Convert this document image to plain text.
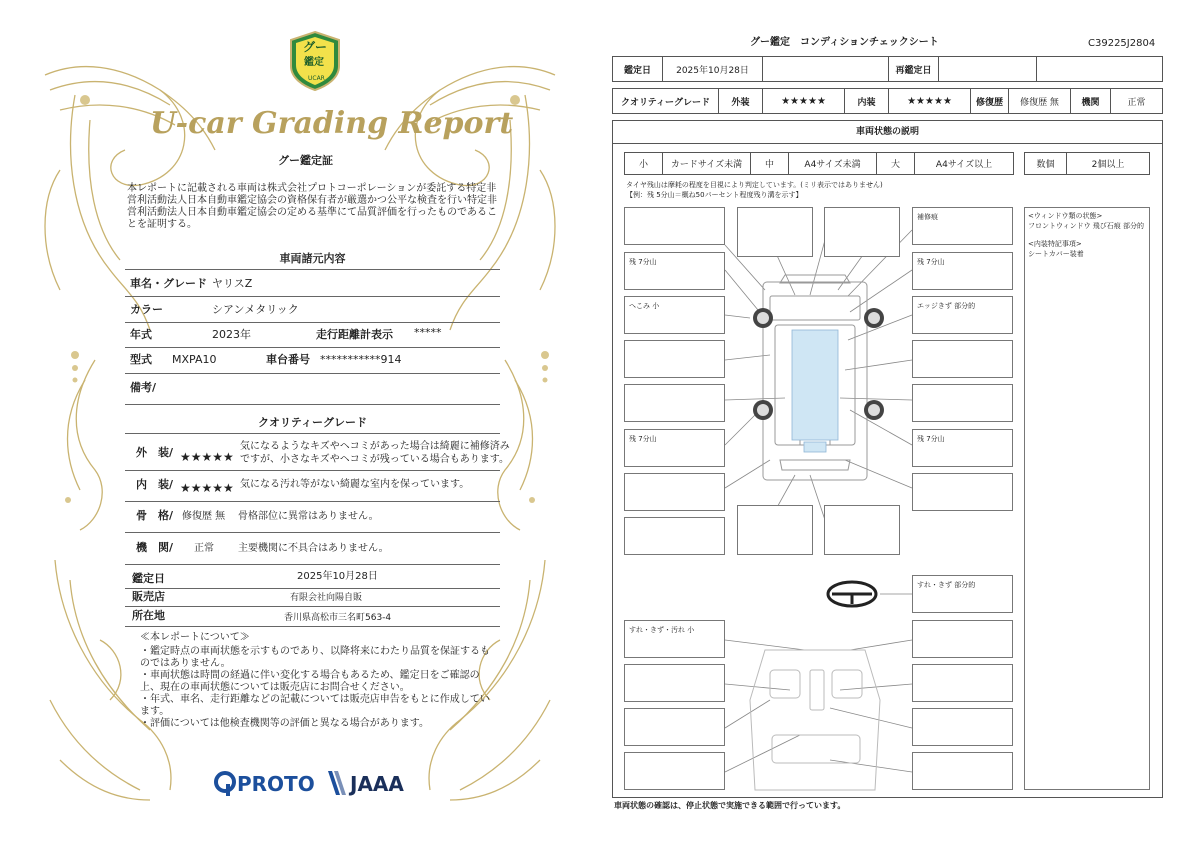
グー
鑑定
UCAR
U-car Grading Report
グー鑑定証
本レポートに記載される車両は株式会社プロトコーポレーションが委託する特定非営利活動法人日本自動車鑑定協会の資格保有者が厳選かつ公平な検査を行い特定非営利活動法人日本自動車鑑定協会の定める基準にて品質評価を行ったものであることを証明する。
車両諸元内容
車名・グレード ヤリスZ
カラー	シアンメタリック
年式	2023年	走行距離計表示 *****
型式 MXPA10	車台番号 ***********914
備考/
クオリティーグレード
外　装/ ★★★★★
気になるようなキズやヘコミがあった場合は綺麗に補修済み
ですが、小さなキズやヘコミが残っている場合もあります。
内　装/ ★★★★★ 気になる汚れ等がない綺麗な室内を保っています。
骨　格/ 修復歴 無 骨格部位に異常はありません。
機　関/ 正常 主要機関に不具合はありません。
鑑定日	2025年10月28日
販売店	有限会社向陽自販
所在地	香川県高松市三名町563-4
≪本レポートについて≫
・鑑定時点の車両状態を示すものであり、以降将来にわたり品質を保証するものではありません。
・車両状態は時間の経過に伴い変化する場合もあるため、鑑定日をご確認の上、現在の車両状態については販売店にお問合せください。
・年式、車名、走行距離などの記載については販売店申告をもとに作成しています。
・評価については他検査機関等の評価と異なる場合があります。
PROTO JAAA
グー鑑定　コンディションチェックシート	C39225J2804
鑑定日	2025年10月28日	再鑑定日
クオリティーグレード	外装	★★★★★	内装	★★★★★	修復歴	修復歴 無	機関	正常
車両状態の説明
小	カードサイズ未満	中	A4サイズ未満	大	A4サイズ以上	数個	2個以上
タイヤ残山は摩耗の程度を目視により判定しています。(ミリ表示ではありません)
【例：残 5分山＝概ね50パーセント程度残り溝を示す】
<ウィンドウ類の状態>
フロントウィンドウ 飛び石痕 部分的
<内装特記事項>
シートカバー装着
残 7分山
へこみ 小
残 7分山
補修痕
残 7分山
エッジきず 部分的
残 7分山
すれ・きず 部分的
すれ・きず・汚れ 小
車両状態の確認は、停止状態で実施できる範囲で行っています。
